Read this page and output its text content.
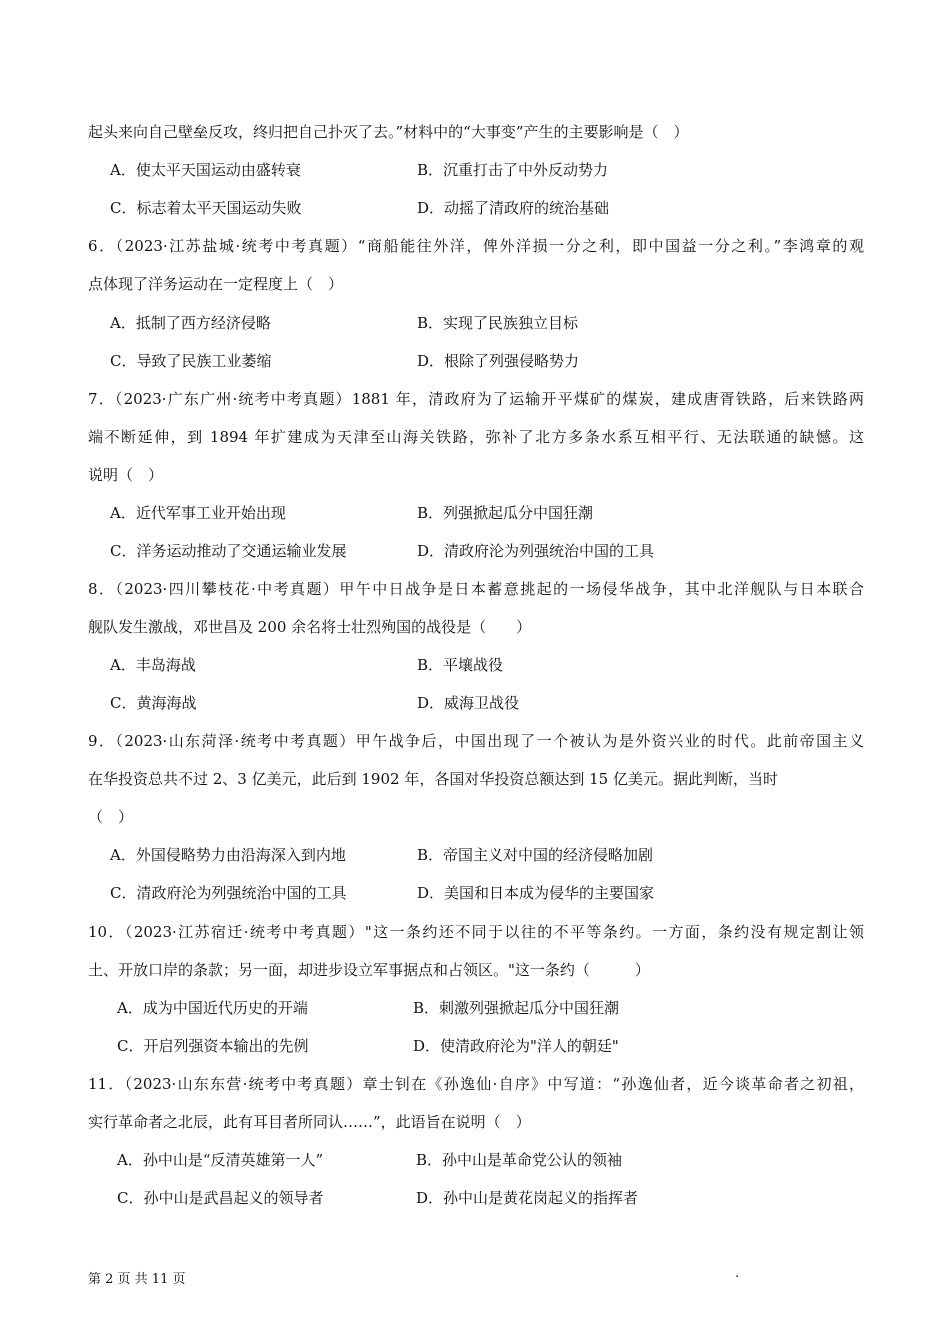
起头来向自己壁垒反攻，终归把自己扑灭了去。”材料中的“大事变”产生的主要影响是（　）
A．使太平天国运动由盛转衰	B．沉重打击了中外反动势力
C．标志着太平天国运动失败	D．动摇了清政府的统治基础
6．（2023·江苏盐城·统考中考真题）“商船能往外洋，俾外洋损一分之利，即中国益一分之利。”李鸿章的观
点体现了洋务运动在一定程度上（　）
A．抵制了西方经济侵略	B．实现了民族独立目标
C．导致了民族工业萎缩	D．根除了列强侵略势力
7．（2023·广东广州·统考中考真题）1881 年，清政府为了运输开平煤矿的煤炭，建成唐胥铁路，后来铁路两
端不断延伸，到 1894 年扩建成为天津至山海关铁路，弥补了北方多条水系互相平行、无法联通的缺憾。这
说明（　）
A．近代军事工业开始出现	B．列强掀起瓜分中国狂潮
C．洋务运动推动了交通运输业发展	D．清政府沦为列强统治中国的工具
8．（2023·四川攀枝花·中考真题）甲午中日战争是日本蓄意挑起的一场侵华战争，其中北洋舰队与日本联合
舰队发生激战，邓世昌及 200 余名将士壮烈殉国的战役是（　　）
A．丰岛海战	B．平壤战役
C．黄海海战	D．威海卫战役
9．（2023·山东菏泽·统考中考真题）甲午战争后，中国出现了一个被认为是外资兴业的时代。此前帝国主义
在华投资总共不过 2、3 亿美元，此后到 1902 年，各国对华投资总额达到 15 亿美元。据此判断，当时
（　）
A．外国侵略势力由沿海深入到内地	B．帝国主义对中国的经济侵略加剧
C．清政府沦为列强统治中国的工具	D．美国和日本成为侵华的主要国家
10．（2023·江苏宿迁·统考中考真题）"这一条约还不同于以往的不平等条约。一方面，条约没有规定割让领
土、开放口岸的条款；另一面，却进步设立军事据点和占领区。"这一条约（　　　）
A．成为中国近代历史的开端	B．刺激列强掀起瓜分中国狂潮
C．开启列强资本输出的先例	D．使清政府沦为"洋人的朝廷"
11．（2023·山东东营·统考中考真题）章士钊在《孙逸仙·自序》中写道：“孙逸仙者，近今谈革命者之初祖，
实行革命者之北辰，此有耳目者所同认……”，此语旨在说明（　）
A．孙中山是“反清英雄第一人”	B．孙中山是革命党公认的领袖
C．孙中山是武昌起义的领导者	D．孙中山是黄花岗起义的指挥者
第 2 页 共 11 页	.
